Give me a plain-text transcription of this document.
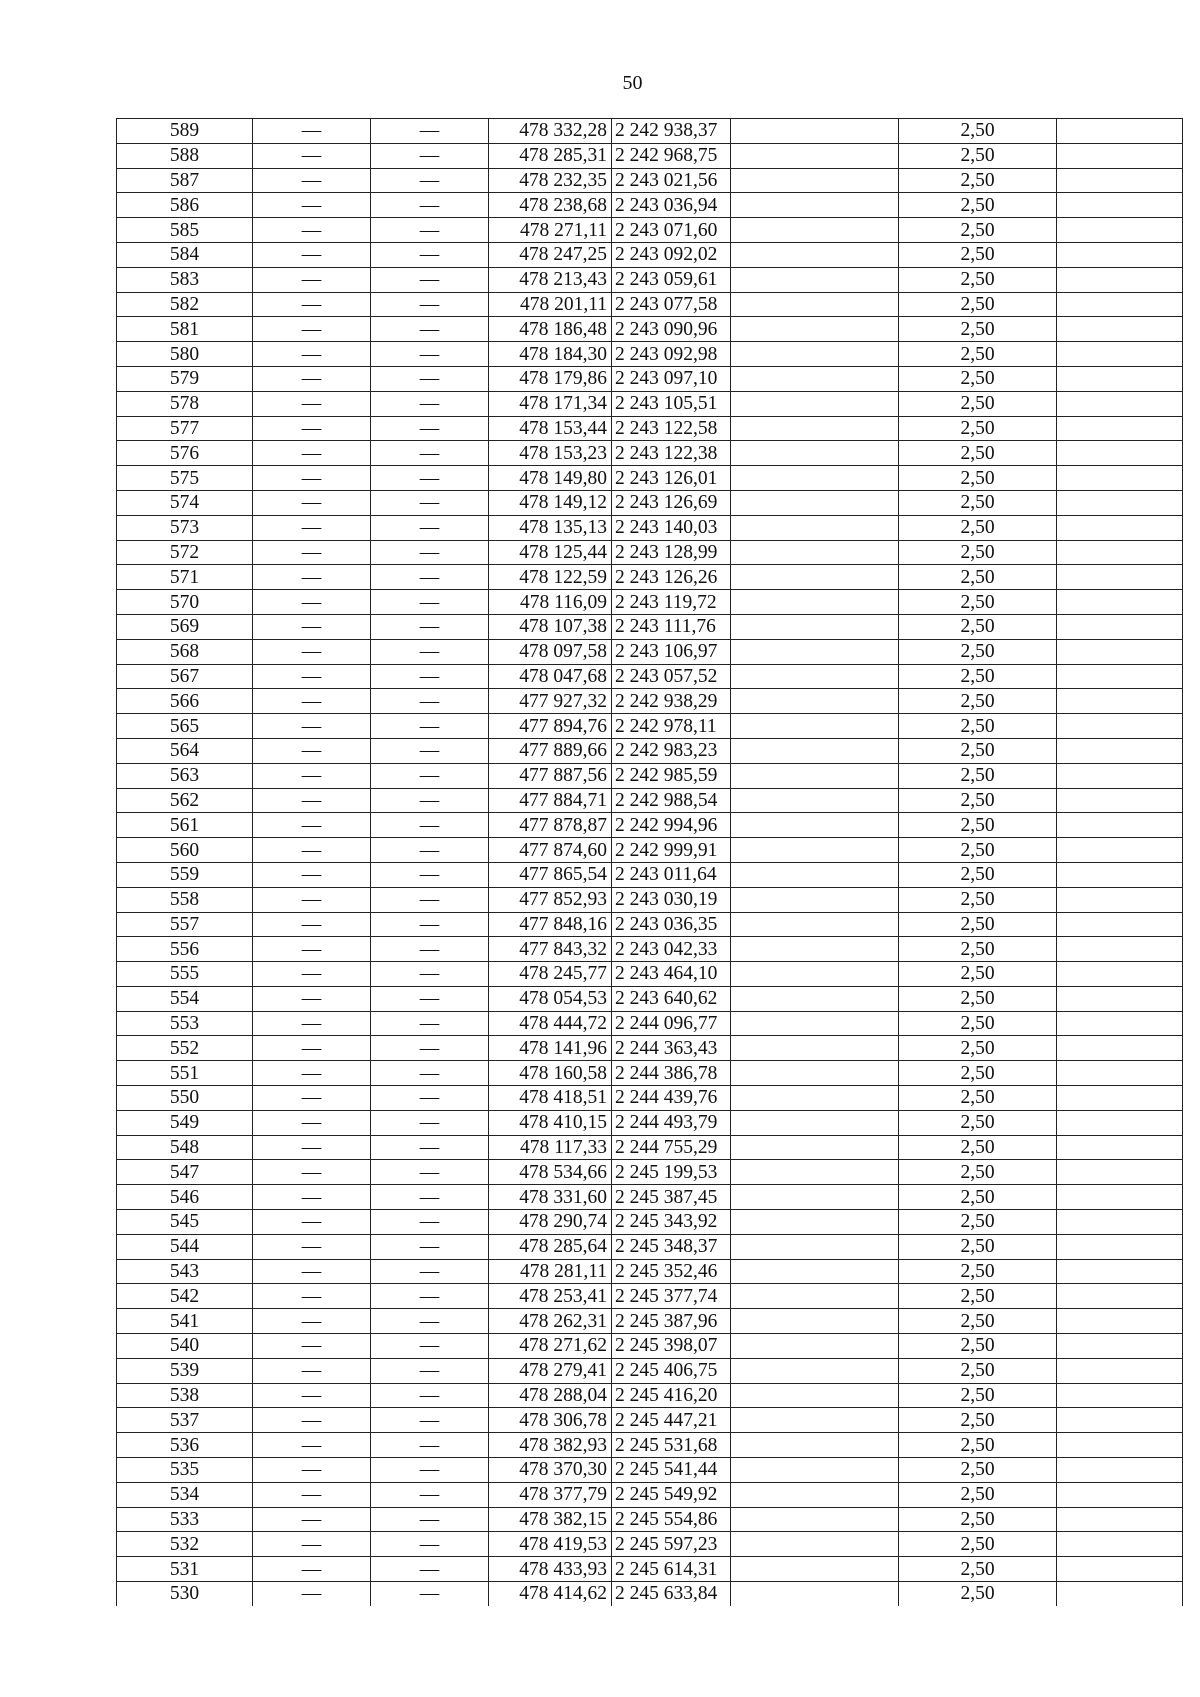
50
589	—	—	478 332,28	2 242 938,37		2,50	
588	—	—	478 285,31	2 242 968,75		2,50	
587	—	—	478 232,35	2 243 021,56		2,50	
586	—	—	478 238,68	2 243 036,94		2,50	
585	—	—	478 271,11	2 243 071,60		2,50	
584	—	—	478 247,25	2 243 092,02		2,50	
583	—	—	478 213,43	2 243 059,61		2,50	
582	—	—	478 201,11	2 243 077,58		2,50	
581	—	—	478 186,48	2 243 090,96		2,50	
580	—	—	478 184,30	2 243 092,98		2,50	
579	—	—	478 179,86	2 243 097,10		2,50	
578	—	—	478 171,34	2 243 105,51		2,50	
577	—	—	478 153,44	2 243 122,58		2,50	
576	—	—	478 153,23	2 243 122,38		2,50	
575	—	—	478 149,80	2 243 126,01		2,50	
574	—	—	478 149,12	2 243 126,69		2,50	
573	—	—	478 135,13	2 243 140,03		2,50	
572	—	—	478 125,44	2 243 128,99		2,50	
571	—	—	478 122,59	2 243 126,26		2,50	
570	—	—	478 116,09	2 243 119,72		2,50	
569	—	—	478 107,38	2 243 111,76		2,50	
568	—	—	478 097,58	2 243 106,97		2,50	
567	—	—	478 047,68	2 243 057,52		2,50	
566	—	—	477 927,32	2 242 938,29		2,50	
565	—	—	477 894,76	2 242 978,11		2,50	
564	—	—	477 889,66	2 242 983,23		2,50	
563	—	—	477 887,56	2 242 985,59		2,50	
562	—	—	477 884,71	2 242 988,54		2,50	
561	—	—	477 878,87	2 242 994,96		2,50	
560	—	—	477 874,60	2 242 999,91		2,50	
559	—	—	477 865,54	2 243 011,64		2,50	
558	—	—	477 852,93	2 243 030,19		2,50	
557	—	—	477 848,16	2 243 036,35		2,50	
556	—	—	477 843,32	2 243 042,33		2,50	
555	—	—	478 245,77	2 243 464,10		2,50	
554	—	—	478 054,53	2 243 640,62		2,50	
553	—	—	478 444,72	2 244 096,77		2,50	
552	—	—	478 141,96	2 244 363,43		2,50	
551	—	—	478 160,58	2 244 386,78		2,50	
550	—	—	478 418,51	2 244 439,76		2,50	
549	—	—	478 410,15	2 244 493,79		2,50	
548	—	—	478 117,33	2 244 755,29		2,50	
547	—	—	478 534,66	2 245 199,53		2,50	
546	—	—	478 331,60	2 245 387,45		2,50	
545	—	—	478 290,74	2 245 343,92		2,50	
544	—	—	478 285,64	2 245 348,37		2,50	
543	—	—	478 281,11	2 245 352,46		2,50	
542	—	—	478 253,41	2 245 377,74		2,50	
541	—	—	478 262,31	2 245 387,96		2,50	
540	—	—	478 271,62	2 245 398,07		2,50	
539	—	—	478 279,41	2 245 406,75		2,50	
538	—	—	478 288,04	2 245 416,20		2,50	
537	—	—	478 306,78	2 245 447,21		2,50	
536	—	—	478 382,93	2 245 531,68		2,50	
535	—	—	478 370,30	2 245 541,44		2,50	
534	—	—	478 377,79	2 245 549,92		2,50	
533	—	—	478 382,15	2 245 554,86		2,50	
532	—	—	478 419,53	2 245 597,23		2,50	
531	—	—	478 433,93	2 245 614,31		2,50	
530	—	—	478 414,62	2 245 633,84		2,50	
